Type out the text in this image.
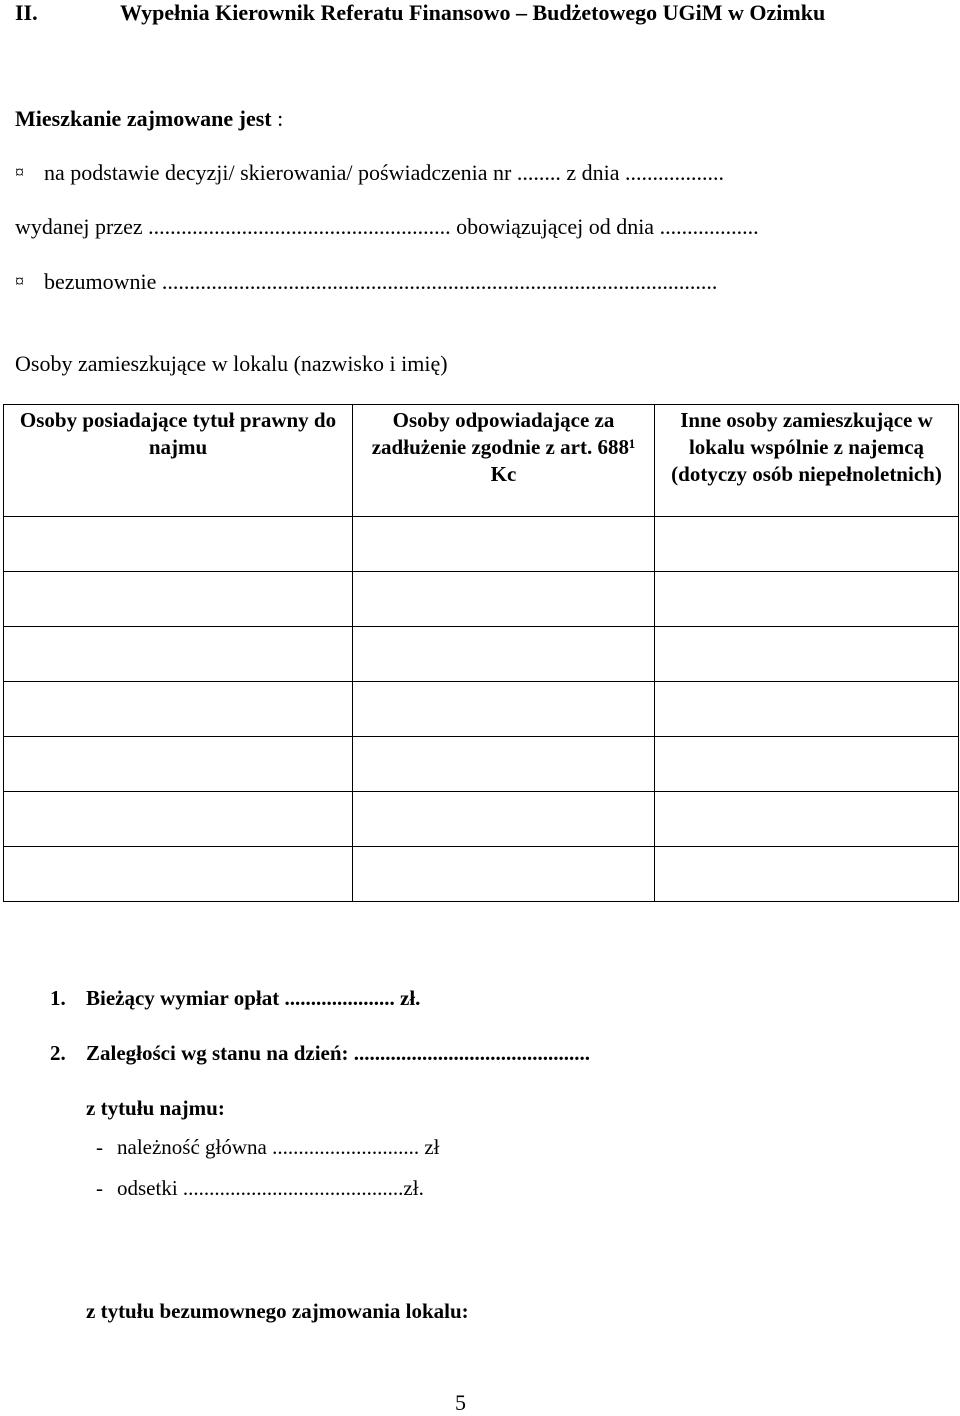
II.	Wypełnia Kierownik Referatu Finansowo – Budżetowego UGiM w Ozimku
Mieszkanie zajmowane jest :
¤ na podstawie decyzji/ skierowania/ poświadczenia nr ........ z dnia ..................
wydanej przez ....................................................... obowiązującej od dnia ..................
¤ bezumownie .....................................................................................................
Osoby zamieszkujące w lokalu (nazwisko i imię)
Osoby posiadające tytuł prawny do najmu	Osoby odpowiadające za zadłużenie zgodnie z art. 688¹ Kc	Inne osoby zamieszkujące w lokalu wspólnie z najemcą (dotyczy osób niepełnoletnich)

1. Bieżący wymiar opłat ..................... zł.
2. Zaległości wg stanu na dzień: .............................................
z tytułu najmu:
- należność główna ............................ zł
- odsetki ..........................................zł.
z tytułu bezumownego zajmowania lokalu:
5
